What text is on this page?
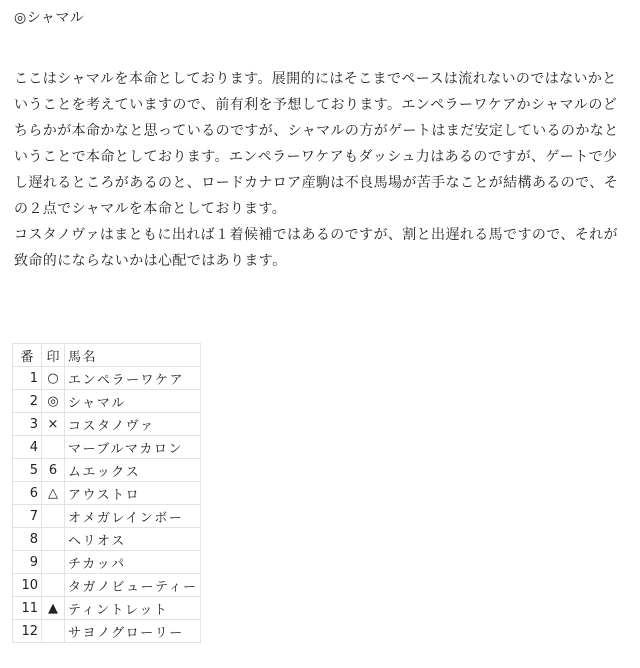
◎シャマル

ここはシャマルを本命としております。展開的にはそこまでペースは流れないのではないかということを考えていますので、前有利を予想しております。エンペラーワケアかシャマルのどちらかが本命かなと思っているのですが、シャマルの方がゲートはまだ安定しているのかなということで本命としております。エンペラーワケアもダッシュ力はあるのですが、ゲートで少し遅れるところがあるのと、ロードカナロア産駒は不良馬場が苦手なことが結構あるので、その２点でシャマルを本命としております。

コスタノヴァはまともに出れば１着候補ではあるのですが、割と出遅れる馬ですので、それが致命的にならないかは心配ではあります。

番	印	馬名
1	○	エンペラーワケア
2	◎	シャマル
3	×	コスタノヴァ
4		マーブルマカロン
5	6	ムエックス
6	△	アウストロ
7		オメガレインボー
8		ヘリオス
9		チカッパ
10		タガノビューティー
11	▲	ティントレット
12		サヨノグローリー
